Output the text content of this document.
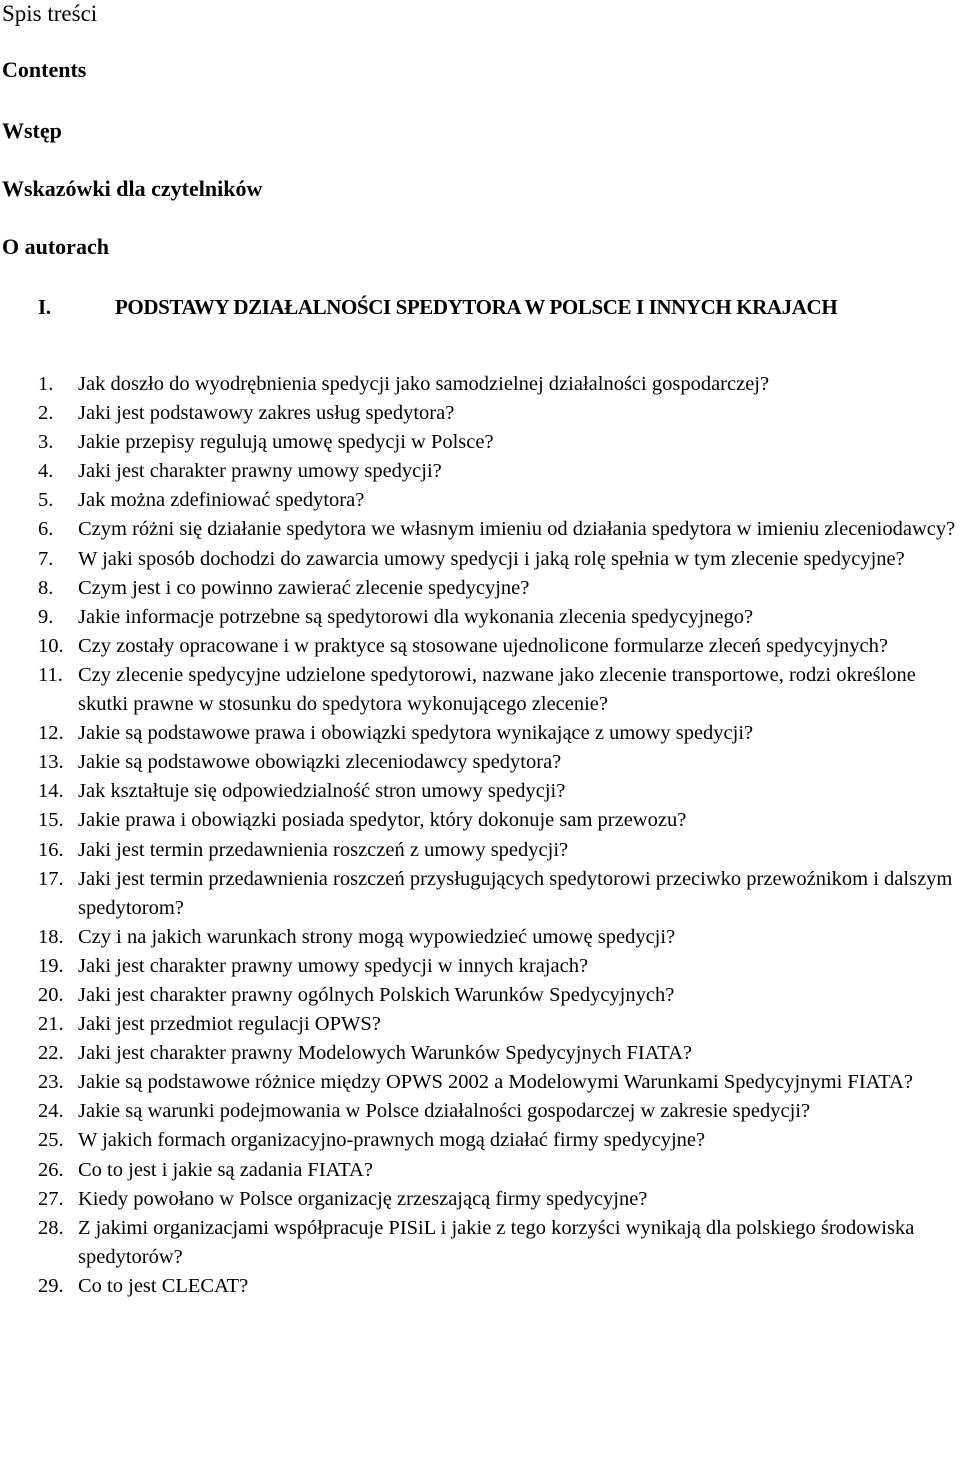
Spis treści

Contents

Wstęp

Wskazówki dla czytelników

O autorach

I.	PODSTAWY DZIAŁALNOŚCI SPEDYTORA W POLSCE I INNYCH KRAJACH
1. Jak doszło do wyodrębnienia spedycji jako samodzielnej działalności gospodarczej?
2. Jaki jest podstawowy zakres usług spedytora?
3. Jakie przepisy regulują umowę spedycji w Polsce?
4. Jaki jest charakter prawny umowy spedycji?
5. Jak można zdefiniować spedytora?
6. Czym różni się działanie spedytora we własnym imieniu od działania spedytora w imieniu zleceniodawcy?
7. W jaki sposób dochodzi do zawarcia umowy spedycji i jaką rolę spełnia w tym zlecenie spedycyjne?
8. Czym jest i co powinno zawierać zlecenie spedycyjne?
9. Jakie informacje potrzebne są spedytorowi dla wykonania zlecenia spedycyjnego?
10. Czy zostały opracowane i w praktyce są stosowane ujednolicone formularze zleceń spedycyjnych?
11. Czy zlecenie spedycyjne udzielone spedytorowi, nazwane jako zlecenie transportowe, rodzi określone skutki prawne w stosunku do spedytora wykonującego zlecenie?
12. Jakie są podstawowe prawa i obowiązki spedytora wynikające z umowy spedycji?
13. Jakie są podstawowe obowiązki zleceniodawcy spedytora?
14. Jak kształtuje się odpowiedzialność stron umowy spedycji?
15. Jakie prawa i obowiązki posiada spedytor, który dokonuje sam przewozu?
16. Jaki jest termin przedawnienia roszczeń z umowy spedycji?
17. Jaki jest termin przedawnienia roszczeń przysługujących spedytorowi przeciwko przewoźnikom i dalszym spedytorom?
18. Czy i na jakich warunkach strony mogą wypowiedzieć umowę spedycji?
19. Jaki jest charakter prawny umowy spedycji w innych krajach?
20. Jaki jest charakter prawny ogólnych Polskich Warunków Spedycyjnych?
21. Jaki jest przedmiot regulacji OPWS?
22. Jaki jest charakter prawny Modelowych Warunków Spedycyjnych FIATA?
23. Jakie są podstawowe różnice między OPWS 2002 a Modelowymi Warunkami Spedycyjnymi FIATA?
24. Jakie są warunki podejmowania w Polsce działalności gospodarczej w zakresie spedycji?
25. W jakich formach organizacyjno-prawnych mogą działać firmy spedycyjne?
26. Co to jest i jakie są zadania FIATA?
27. Kiedy powołano w Polsce organizację zrzeszającą firmy spedycyjne?
28. Z jakimi organizacjami współpracuje PISiL i jakie z tego korzyści wynikają dla polskiego środowiska spedytorów?
29. Co to jest CLECAT?
